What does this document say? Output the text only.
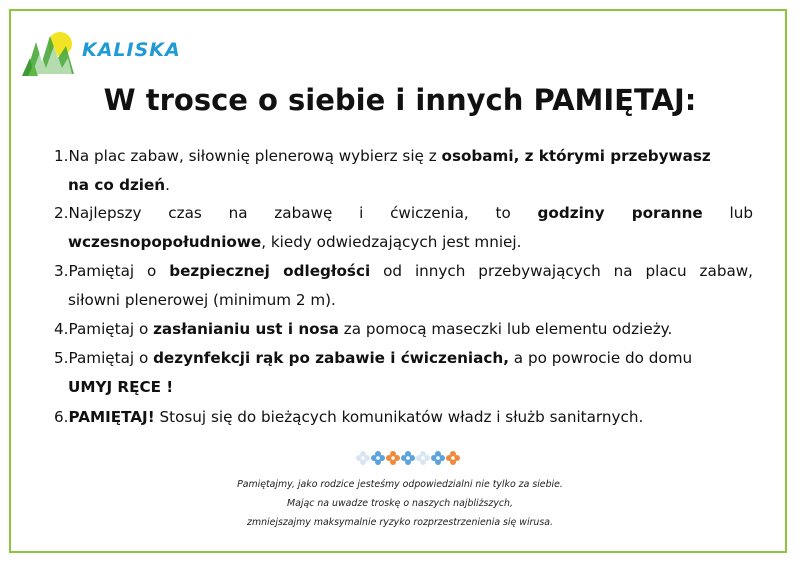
KALISKA
W trosce o siebie i innych PAMIĘTAJ:
1.Na plac zabaw, siłownię plenerową wybierz się z osobami, z którymi przebywasz
na co dzień.
2.Najlepszy czas na zabawę i ćwiczenia, to godziny poranne lub
wczesnopopołudniowe, kiedy odwiedzających jest mniej.
3.Pamiętaj o bezpiecznej odległości od innych przebywających na placu zabaw,
siłowni plenerowej (minimum 2 m).
4.Pamiętaj o zasłanianiu ust i nosa za pomocą maseczki lub elementu odzieży.
5.Pamiętaj o dezynfekcji rąk po zabawie i ćwiczeniach, a po powrocie do domu
UMYJ RĘCE !
6.PAMIĘTAJ! Stosuj się do bieżących komunikatów władz i służb sanitarnych.
Pamiętajmy, jako rodzice jesteśmy odpowiedzialni nie tylko za siebie.
Mając na uwadze troskę o naszych najbliższych,
zmniejszajmy maksymalnie ryzyko rozprzestrzenienia się wirusa.
